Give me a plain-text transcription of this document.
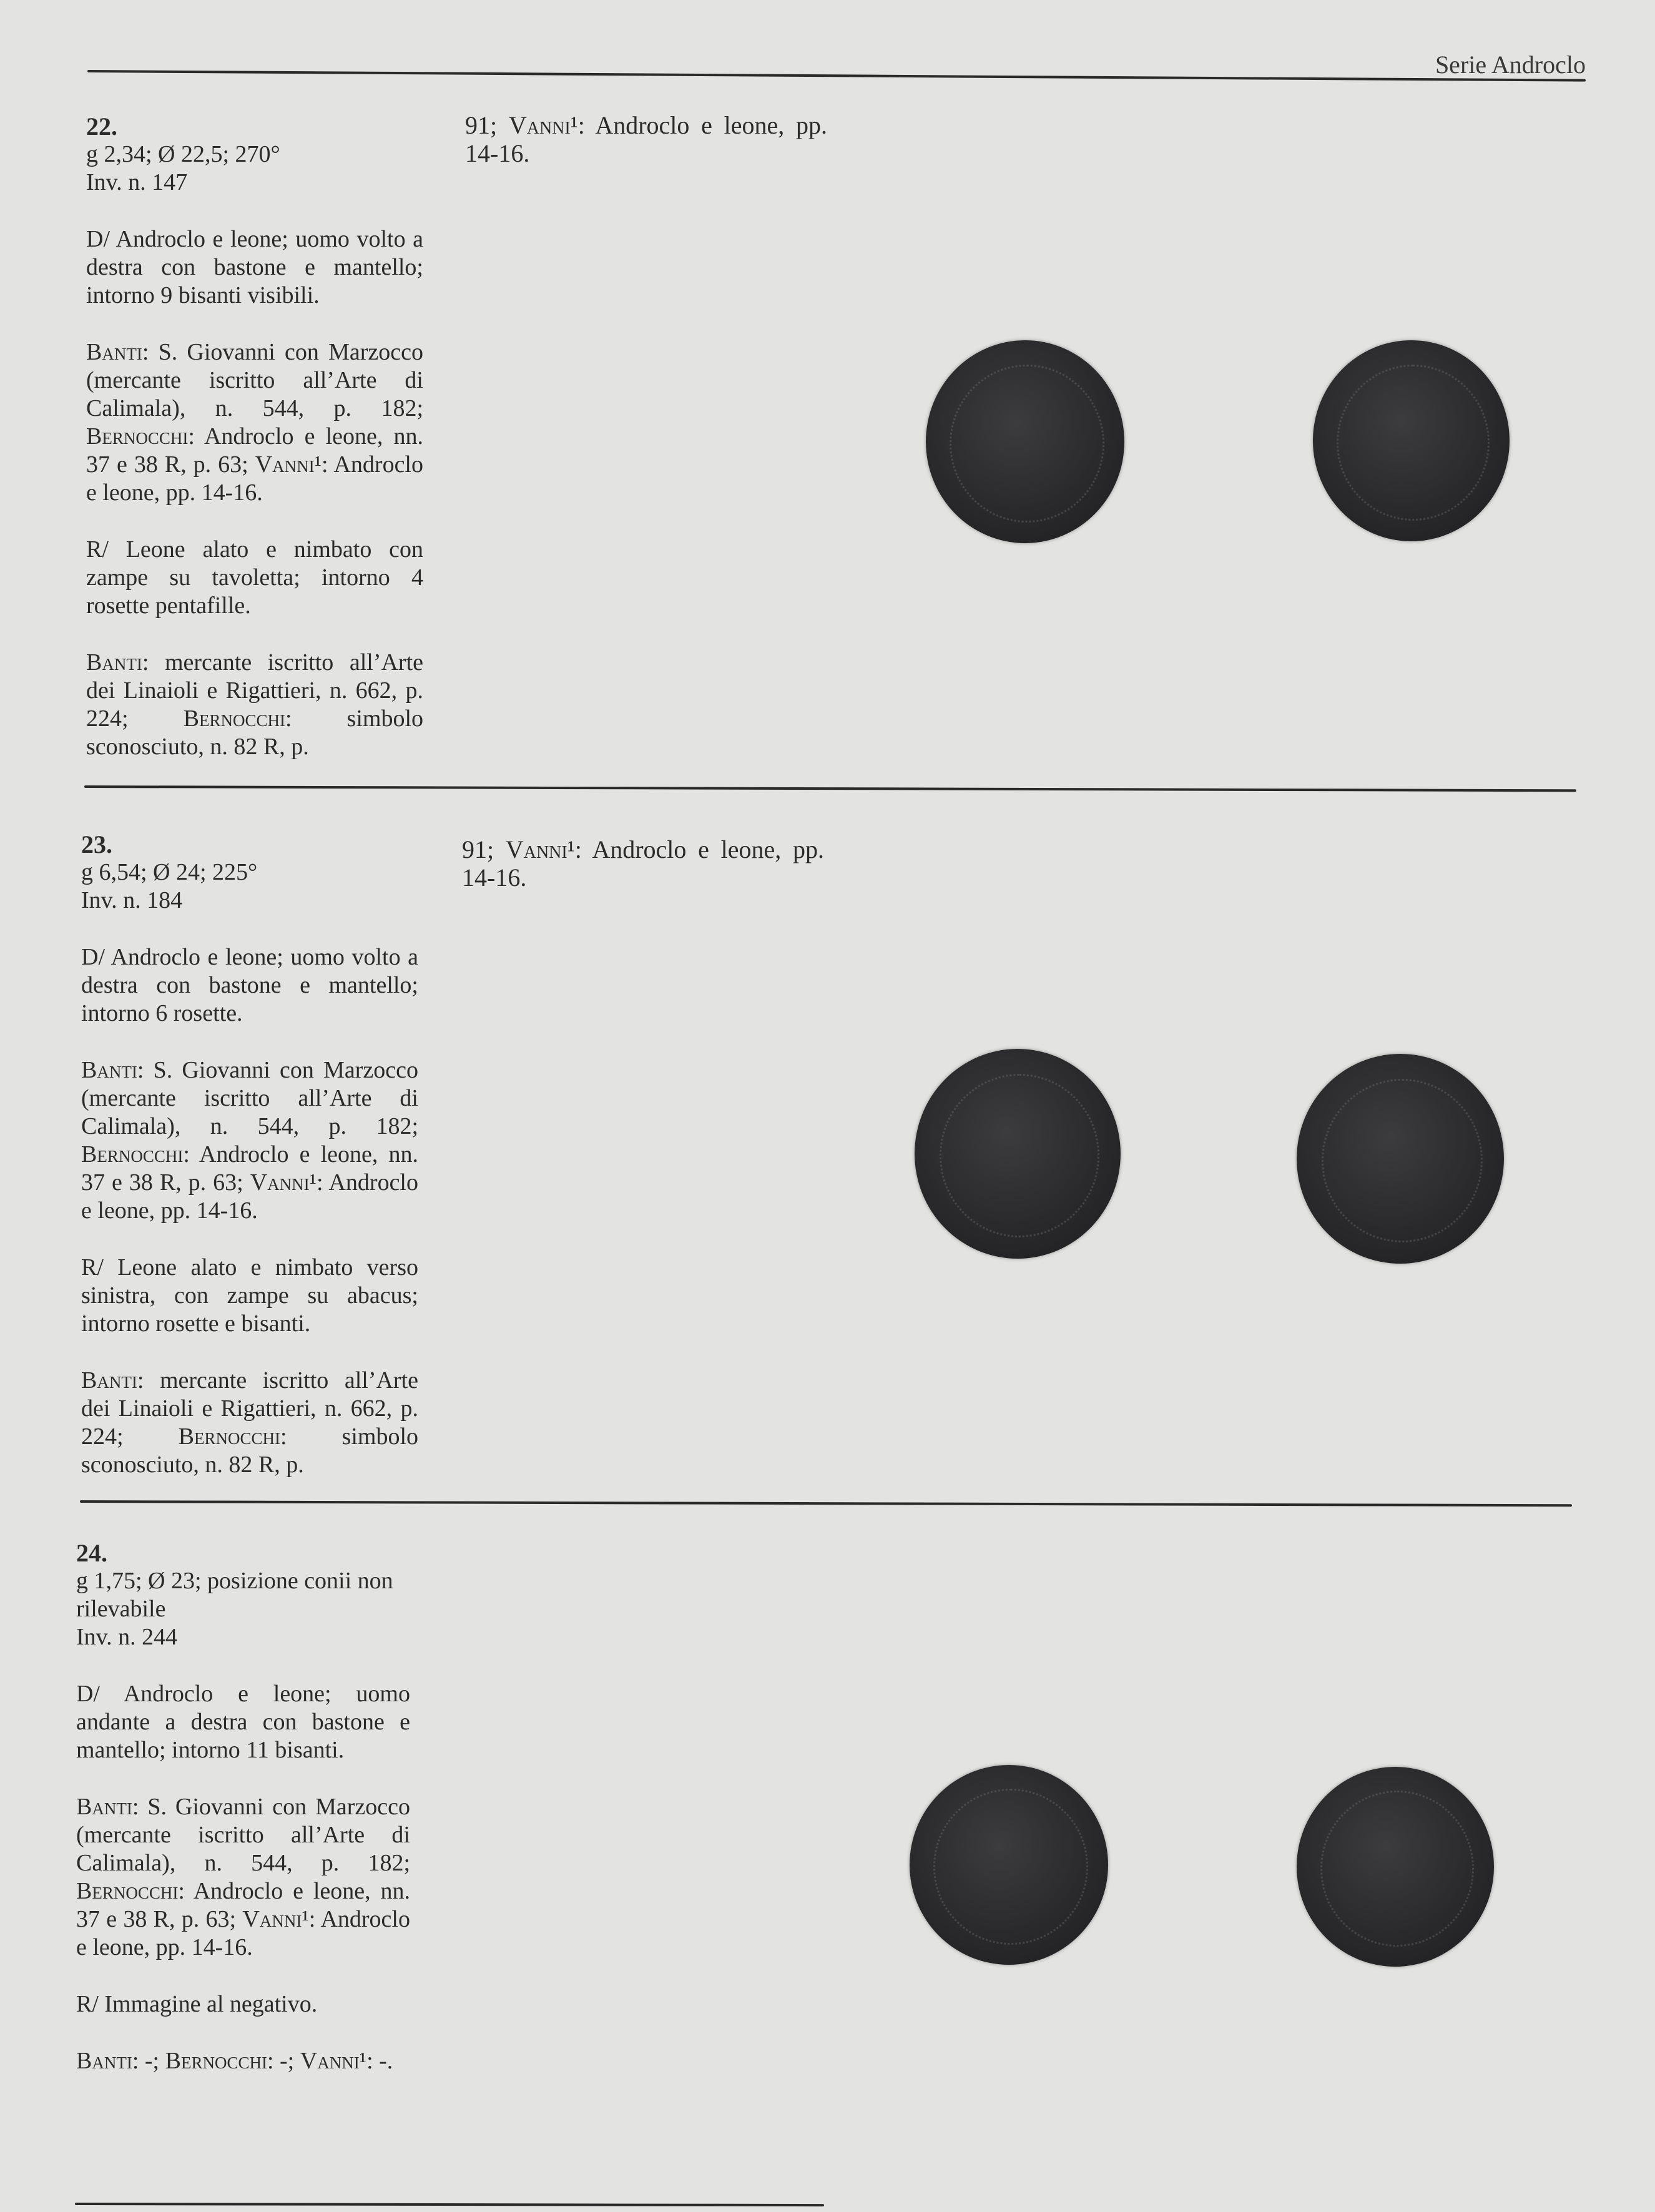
Serie Androclo

22.
g 2,34; Ø 22,5; 270°
Inv. n. 147

D/ Androclo e leone; uomo volto a destra con bastone e mantello; intorno 9 bisanti visibili.

Banti: S. Giovanni con Marzocco (mercante iscritto all’Arte di Calimala), n. 544, p. 182; Bernocchi: Androclo e leone, nn. 37 e 38 R, p. 63; Vanni¹: Androclo e leone, pp. 14-16.

R/ Leone alato e nimbato con zampe su tavoletta; intorno 4 rosette pentafille.

Banti: mercante iscritto all’Arte dei Linaioli e Rigattieri, n. 662, p. 224; Bernocchi: simbolo sconosciuto, n. 82 R, p.

91; Vanni¹: Androclo e leone, pp. 14-16.

23.
g 6,54; Ø 24; 225°
Inv. n. 184

D/ Androclo e leone; uomo volto a destra con bastone e mantello; intorno 6 rosette.

Banti: S. Giovanni con Marzocco (mercante iscritto all’Arte di Calimala), n. 544, p. 182; Bernocchi: Androclo e leone, nn. 37 e 38 R, p. 63; Vanni¹: Androclo e leone, pp. 14-16.

R/ Leone alato e nimbato verso sinistra, con zampe su abacus; intorno rosette e bisanti.

Banti: mercante iscritto all’Arte dei Linaioli e Rigattieri, n. 662, p. 224; Bernocchi: simbolo sconosciuto, n. 82 R, p.

91; Vanni¹: Androclo e leone, pp. 14-16.

24.
g 1,75; Ø 23; posizione conii non rilevabile
Inv. n. 244

D/ Androclo e leone; uomo andante a destra con bastone e mantello; intorno 11 bisanti.

Banti: S. Giovanni con Marzocco (mercante iscritto all’Arte di Calimala), n. 544, p. 182; Bernocchi: Androclo e leone, nn. 37 e 38 R, p. 63; Vanni¹: Androclo e leone, pp. 14-16.

R/ Immagine al negativo.

Banti: -; Bernocchi: -; Vanni¹: -.
